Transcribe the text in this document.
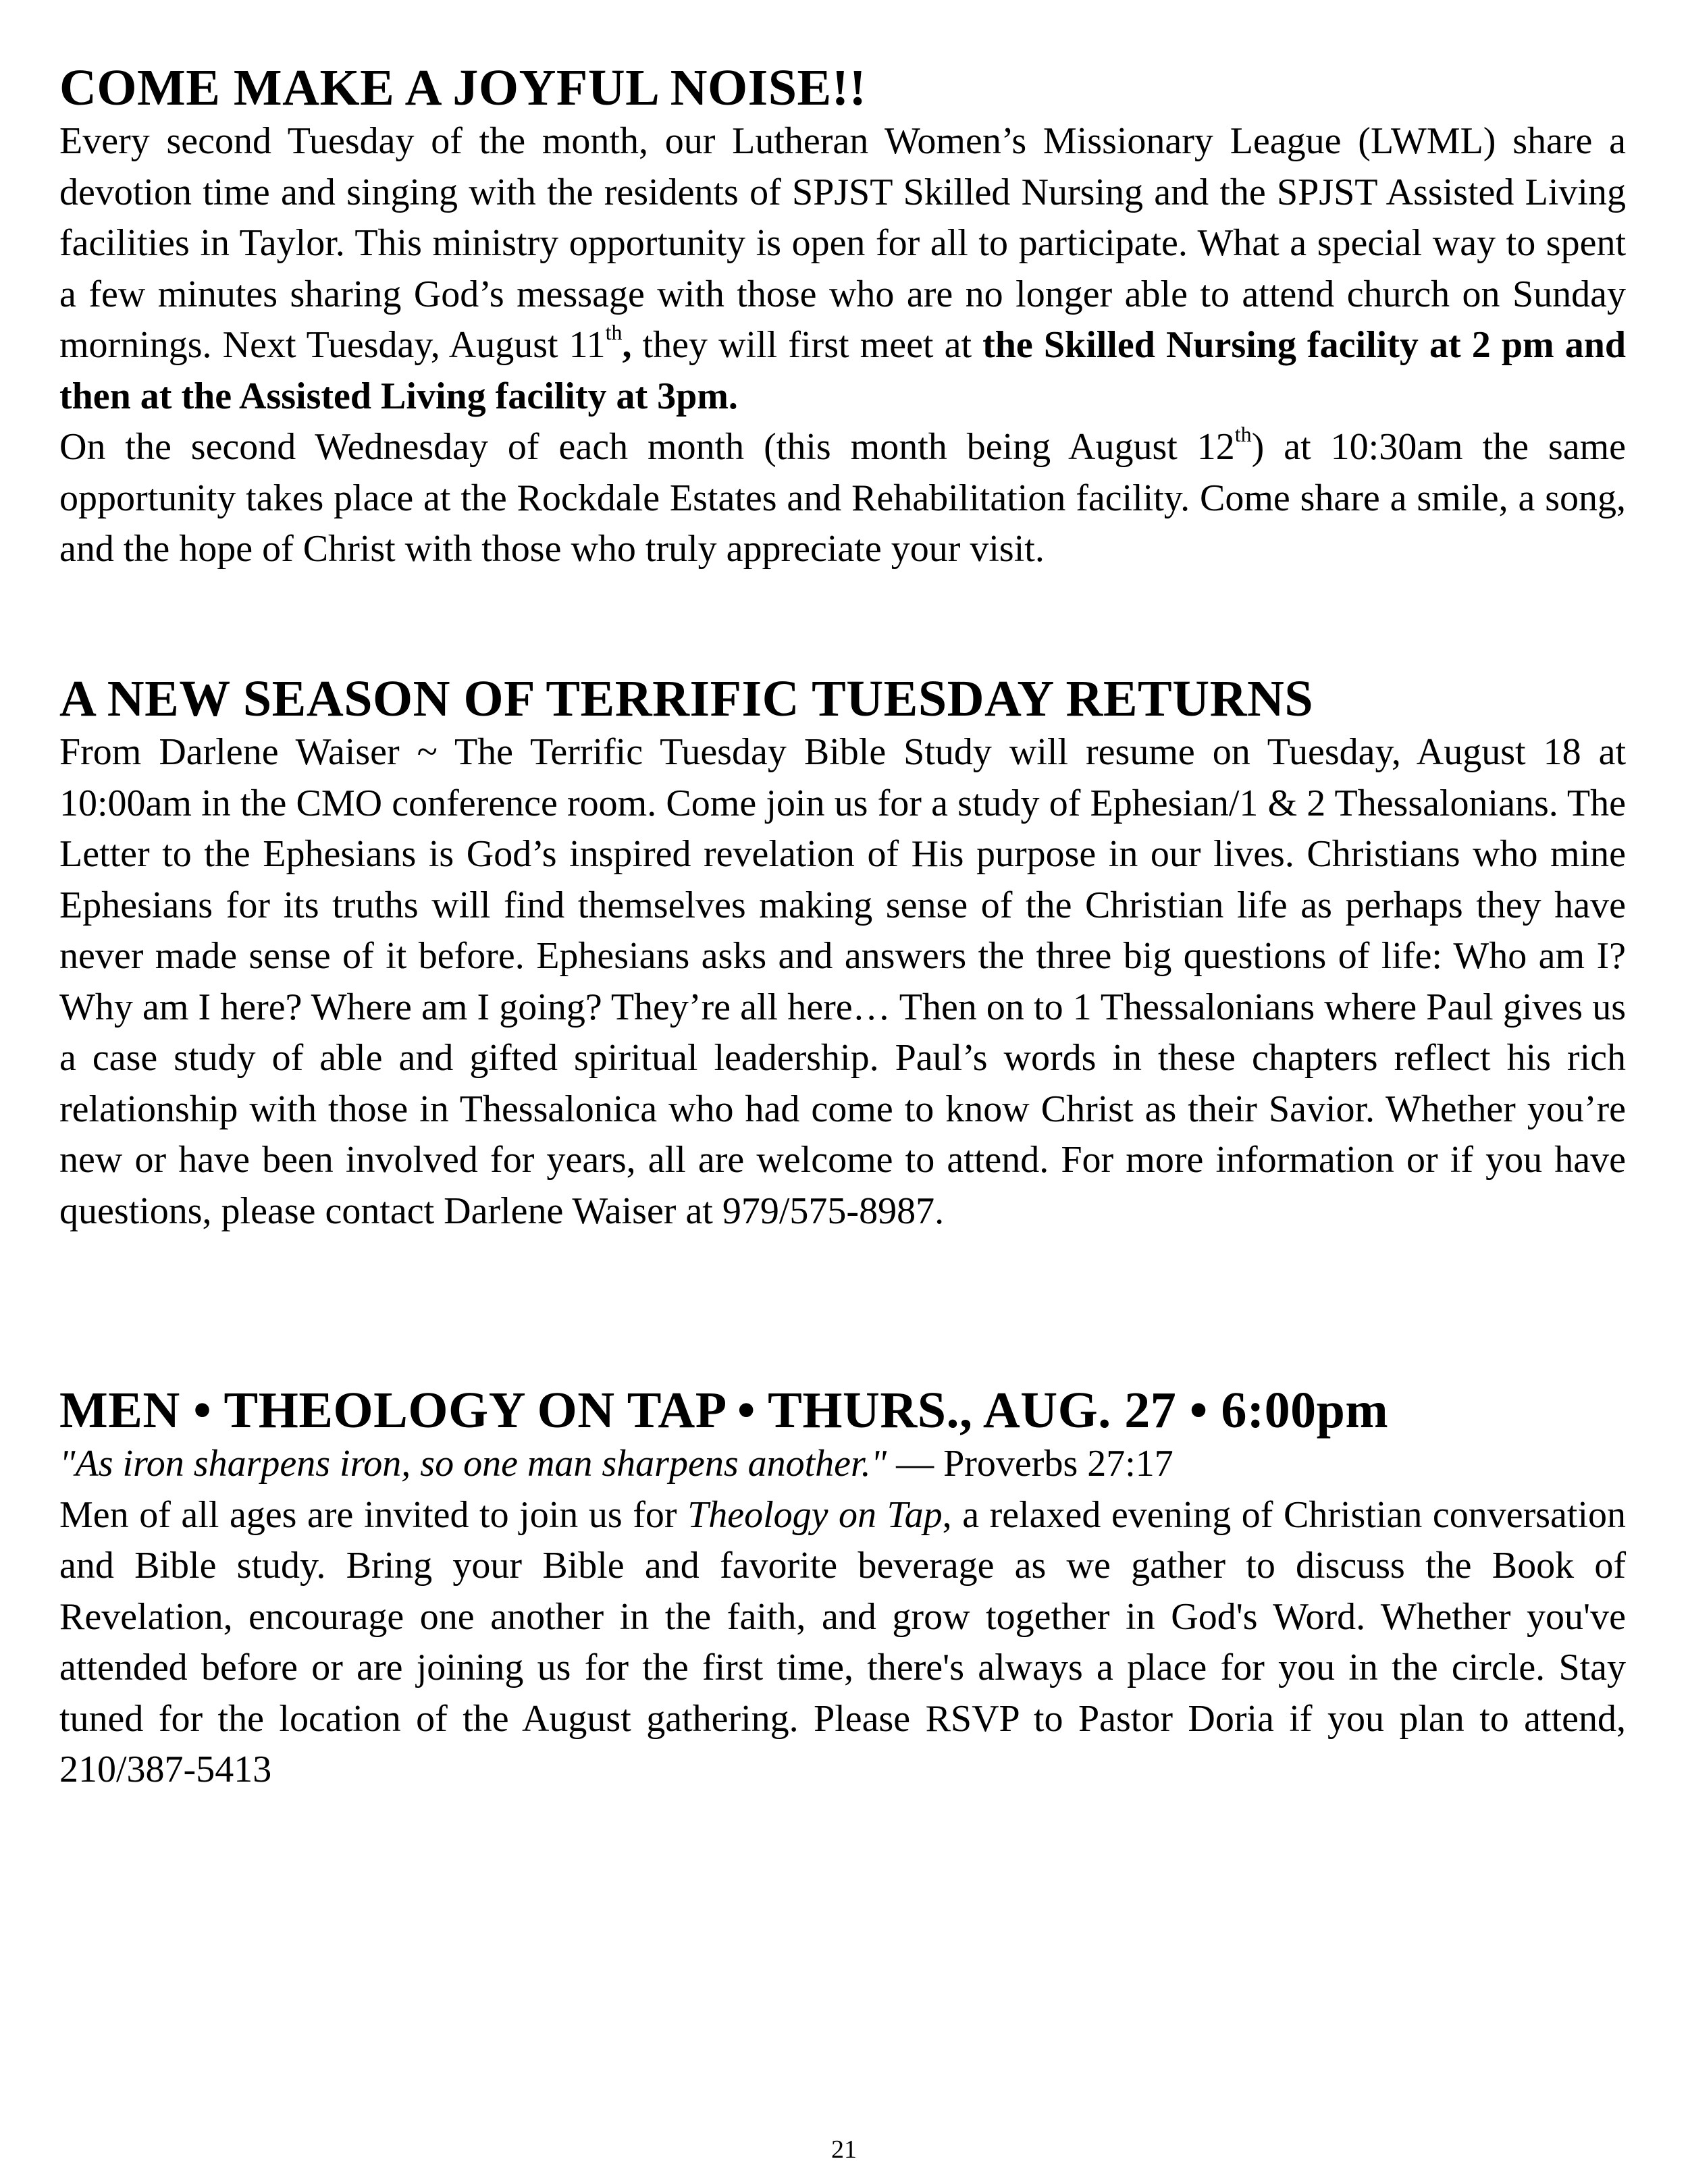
COME MAKE A JOYFUL NOISE!!

Every second Tuesday of the month, our Lutheran Women’s Missionary League (LWML) share a devotion time and singing with the residents of SPJST Skilled Nursing and the SPJST Assisted Living facilities in Taylor. This ministry opportunity is open for all to participate. What a special way to spent a few minutes sharing God’s message with those who are no longer able to attend church on Sunday mornings. Next Tuesday, August 11th, they will first meet at the Skilled Nursing facility at 2 pm and then at the Assisted Living facility at 3pm.

On the second Wednesday of each month (this month being August 12th) at 10:30am the same opportunity takes place at the Rockdale Estates and Rehabilitation facility. Come share a smile, a song, and the hope of Christ with those who truly appreciate your visit.

A NEW SEASON OF TERRIFIC TUESDAY RETURNS

From Darlene Waiser ~ The Terrific Tuesday Bible Study will resume on Tuesday, August 18 at 10:00am in the CMO conference room. Come join us for a study of Ephesian/1 & 2 Thessalonians. The Letter to the Ephesians is God’s inspired revelation of His purpose in our lives. Christians who mine Ephesians for its truths will find themselves making sense of the Christian life as perhaps they have never made sense of it before. Ephesians asks and answers the three big questions of life: Who am I? Why am I here? Where am I going? They’re all here… Then on to 1 Thessalonians where Paul gives us a case study of able and gifted spiritual leadership. Paul’s words in these chapters reflect his rich relationship with those in Thessalonica who had come to know Christ as their Savior. Whether you’re new or have been involved for years, all are welcome to attend. For more information or if you have questions, please contact Darlene Waiser at 979/575-8987.

MEN • THEOLOGY ON TAP • THURS., AUG. 27 • 6:00pm

"As iron sharpens iron, so one man sharpens another." — Proverbs 27:17

Men of all ages are invited to join us for Theology on Tap, a relaxed evening of Christian conversation and Bible study. Bring your Bible and favorite beverage as we gather to discuss the Book of Revelation, encourage one another in the faith, and grow together in God's Word. Whether you've attended before or are joining us for the first time, there's always a place for you in the circle. Stay tuned for the location of the August gathering. Please RSVP to Pastor Doria if you plan to attend, 210/387-5413

21
